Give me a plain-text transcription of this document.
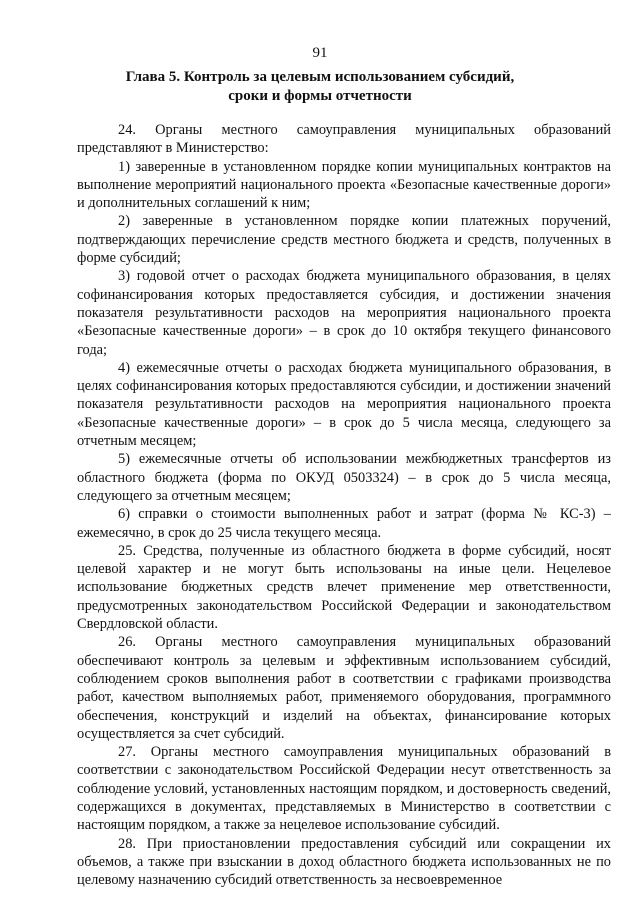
91
Глава 5. Контроль за целевым использованием субсидий,
сроки и формы отчетности

24. Органы местного самоуправления муниципальных образований представляют в Министерство:

1) заверенные в установленном порядке копии муниципальных контрактов на выполнение мероприятий национального проекта «Безопасные качественные дороги» и дополнительных соглашений к ним;

2) заверенные в установленном порядке копии платежных поручений, подтверждающих перечисление средств местного бюджета и средств, полученных в форме субсидий;

3) годовой отчет о расходах бюджета муниципального образования, в целях софинансирования которых предоставляется субсидия, и достижении значения показателя результативности расходов на мероприятия национального проекта «Безопасные качественные дороги» – в срок до 10 октября текущего финансового года;

4) ежемесячные отчеты о расходах бюджета муниципального образования, в целях софинансирования которых предоставляются субсидии, и достижении значений показателя результативности расходов на мероприятия национального проекта «Безопасные качественные дороги» – в срок до 5 числа месяца, следующего за отчетным месяцем;

5) ежемесячные отчеты об использовании межбюджетных трансфертов из областного бюджета (форма по ОКУД 0503324) – в срок до 5 числа месяца, следующего за отчетным месяцем;

6) справки о стоимости выполненных работ и затрат (форма № КС-3) – ежемесячно, в срок до 25 числа текущего месяца.

25. Средства, полученные из областного бюджета в форме субсидий, носят целевой характер и не могут быть использованы на иные цели. Нецелевое использование бюджетных средств влечет применение мер ответственности, предусмотренных законодательством Российской Федерации и законодательством Свердловской области.

26. Органы местного самоуправления муниципальных образований обеспечивают контроль за целевым и эффективным использованием субсидий, соблюдением сроков выполнения работ в соответствии с графиками производства работ, качеством выполняемых работ, применяемого оборудования, программного обеспечения, конструкций и изделий на объектах, финансирование которых осуществляется за счет субсидий.

27. Органы местного самоуправления муниципальных образований в соответствии с законодательством Российской Федерации несут ответственность за соблюдение условий, установленных настоящим порядком, и достоверность сведений, содержащихся в документах, представляемых в Министерство в соответствии с настоящим порядком, а также за нецелевое использование субсидий.

28. При приостановлении предоставления субсидий или сокращении их объемов, а также при взыскании в доход областного бюджета использованных не по целевому назначению субсидий ответственность за несвоевременное
